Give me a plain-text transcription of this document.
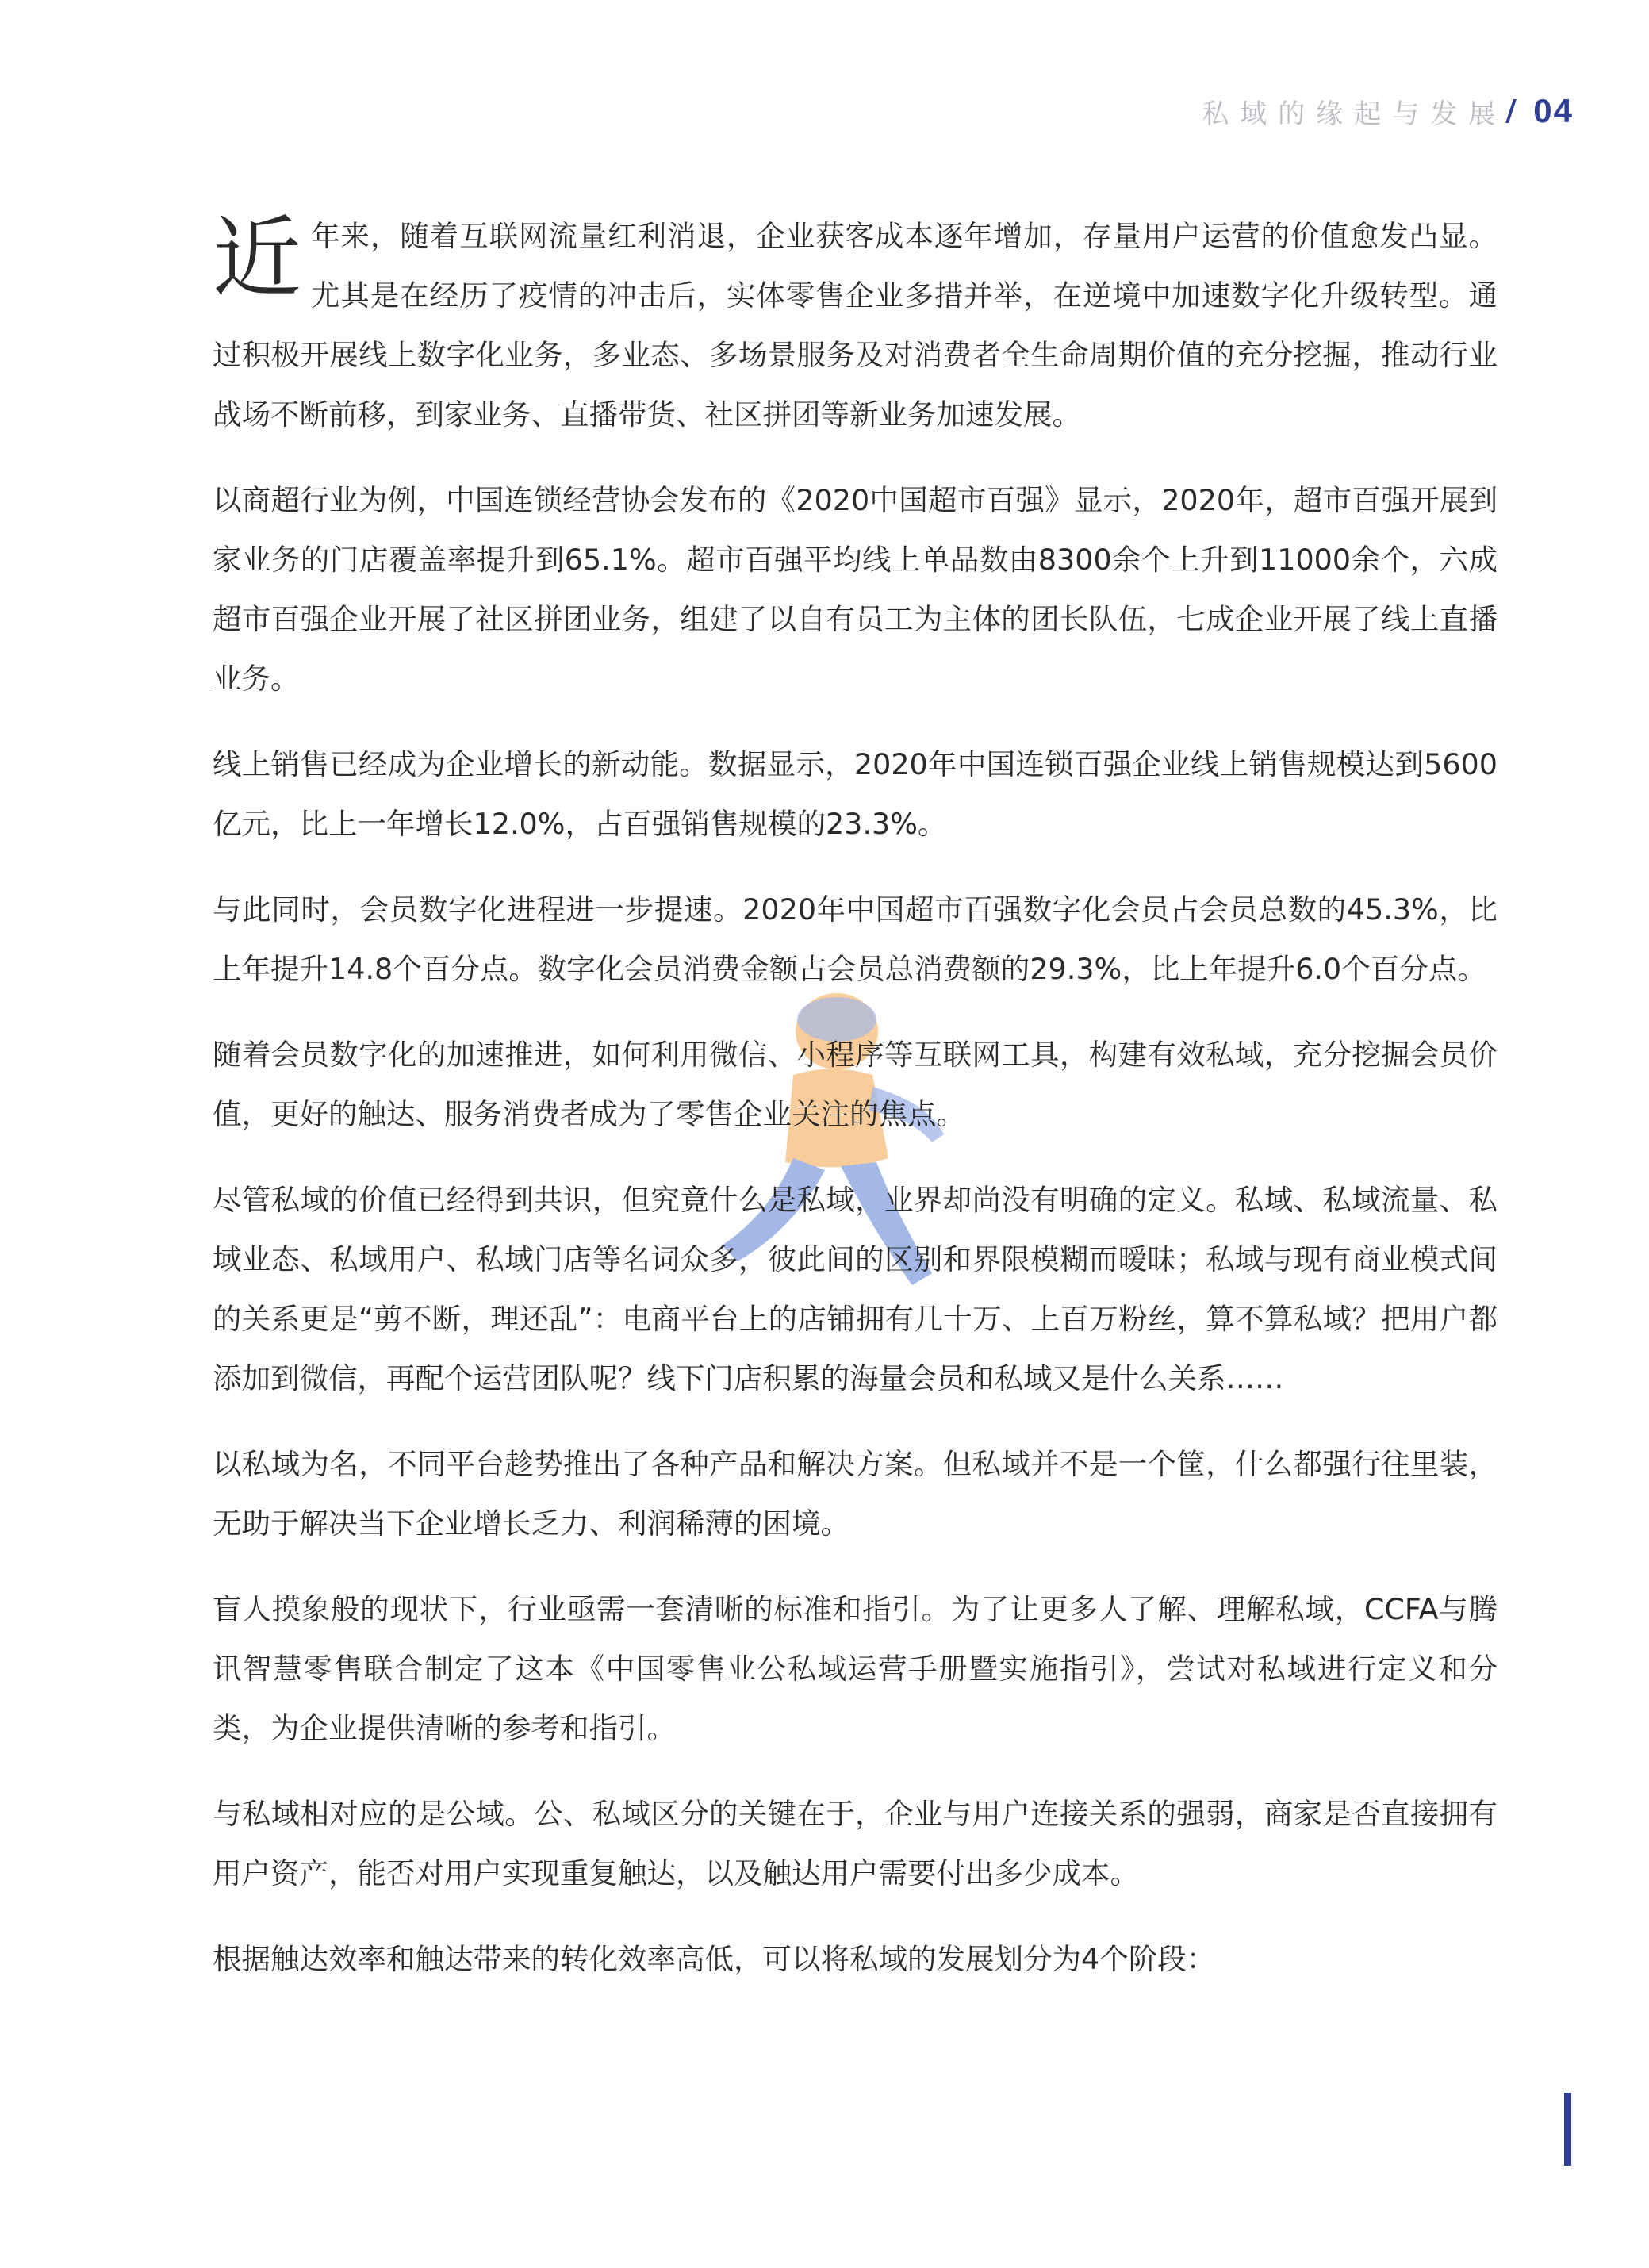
私域的缘起与发展 04

近年来，随着互联网流量红利消退，企业获客成本逐年增加，存量用户运营的价值愈发凸显。尤其是在经历了疫情的冲击后，实体零售企业多措并举，在逆境中加速数字化升级转型。通过积极开展线上数字化业务，多业态、多场景服务及对消费者全生命周期价值的充分挖掘，推动行业战场不断前移，到家业务、直播带货、社区拼团等新业务加速发展。

以商超行业为例，中国连锁经营协会发布的《2020中国超市百强》显示，2020年，超市百强开展到家业务的门店覆盖率提升到65.1%。超市百强平均线上单品数由8300余个上升到11000余个，六成超市百强企业开展了社区拼团业务，组建了以自有员工为主体的团长队伍，七成企业开展了线上直播业务。

线上销售已经成为企业增长的新动能。数据显示，2020年中国连锁百强企业线上销售规模达到5600亿元，比上一年增长12.0%，占百强销售规模的23.3%。

与此同时，会员数字化进程进一步提速。2020年中国超市百强数字化会员占会员总数的45.3%，比上年提升14.8个百分点。数字化会员消费金额占会员总消费额的29.3%，比上年提升6.0个百分点。

随着会员数字化的加速推进，如何利用微信、小程序等互联网工具，构建有效私域，充分挖掘会员价值，更好的触达、服务消费者成为了零售企业关注的焦点。

尽管私域的价值已经得到共识，但究竟什么是私域，业界却尚没有明确的定义。私域、私域流量、私域业态、私域用户、私域门店等名词众多，彼此间的区别和界限模糊而暧昧；私域与现有商业模式间的关系更是“剪不断，理还乱”：电商平台上的店铺拥有几十万、上百万粉丝，算不算私域？把用户都添加到微信，再配个运营团队呢？线下门店积累的海量会员和私域又是什么关系……

以私域为名，不同平台趁势推出了各种产品和解决方案。但私域并不是一个筐，什么都强行往里装，无助于解决当下企业增长乏力、利润稀薄的困境。

盲人摸象般的现状下，行业亟需一套清晰的标准和指引。为了让更多人了解、理解私域，CCFA与腾讯智慧零售联合制定了这本《中国零售业公私域运营手册暨实施指引》，尝试对私域进行定义和分类，为企业提供清晰的参考和指引。

与私域相对应的是公域。公、私域区分的关键在于，企业与用户连接关系的强弱，商家是否直接拥有用户资产，能否对用户实现重复触达，以及触达用户需要付出多少成本。

根据触达效率和触达带来的转化效率高低，可以将私域的发展划分为4个阶段：
